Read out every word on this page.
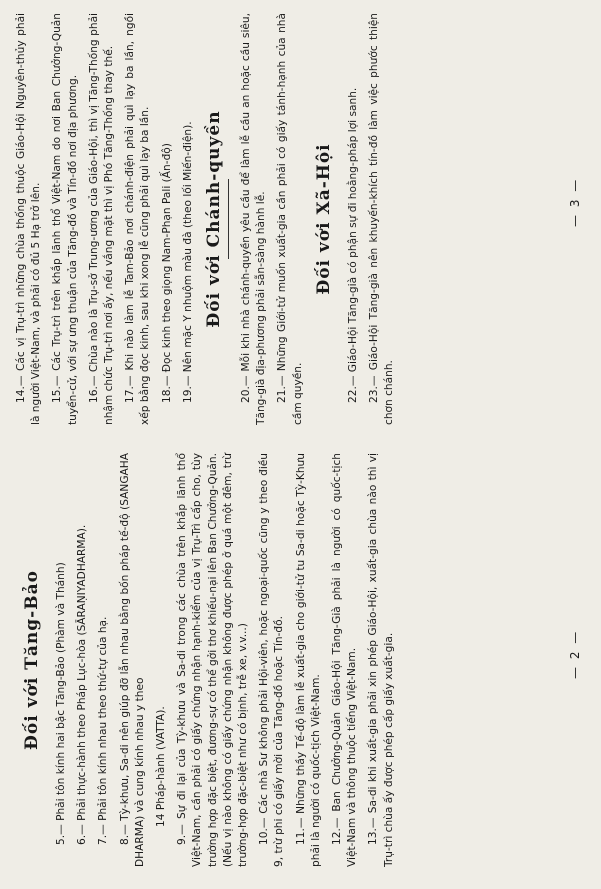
Đối với Tăng-Bảo 5.— Phải tôn kính hai bậc Tăng-Bảo (Phàm và Thánh) 6.— Phải thực-hành theo Pháp Lục-hòa (SĀRAṆIYADHARMA). 7.— Phải tôn kính nhau theo thứ-tự của hạ. 8.— Tỳ-khưu, Sa-di nên giúp đỡ lẫn nhau bằng bốn pháp tế-độ (SANGAHA DHARMA) và cung kính nhau y theo 14 Pháp-hành (VATTA). 9.— Sự đi lại của Tỳ-khưu và Sa-di trong các chùa trên khắp lãnh thổ Việt-Nam, cần phải có giấy chứng nhận hạnh-kiểm của vị Trụ-Trì cấp cho, tùy trường hợp đặc biệt, đương-sự có thể gởi thơ khiếu-nại lên Ban Chưởng-Quản. (Nếu vị nào không có giấy chứng nhận không được phép ở quá một đêm, trừ trường-hợp đặc-biệt như có bịnh, trễ xe, v.v...) 10.— Các nhà Sư không phải Hội-viên, hoặc ngoại-quốc cũng y theo điều 9, trừ phi có giấy mời của Tăng-đồ hoặc Tín-đồ. 11.— Những thầy Tế-độ làm lễ xuất-gia cho giới-tử tu Sa-di hoặc Tỳ-Khưu phải là người có quốc-tịch Việt-Nam. 12.— Ban Chưởng-Quản Giáo-Hội Tăng-Già phải là người có quốc-tịch Việt-Nam và thông thuộc tiếng Việt-Nam. 13.— Sa-di khi xuất-gia phải xin phép Giáo-Hội, xuất-gia chùa nào thì vị Trụ-trì chùa ấy được phép cấp giấy xuất-gia.

14.— Các vị Trụ-trì những chùa thống thuộc Giáo-Hội Nguyên-thủy phải là người Việt-Nam, và phải có đủ 5 Hạ trở lên. 15.— Các Trụ-trì trên khắp lãnh thổ Việt-Nam do nơi Ban Chưởng-Quản tuyển-cử, với sự ưng thuận của Tăng-đồ và Tín-đồ nơi địa phương. 16.— Chùa nào là Trụ-sở Trung-ương của Giáo-Hội, thì vị Tăng-Thống phải nhậm chức Trụ-trì nơi ấy, nếu vắng mặt thì vị Phó Tăng-Thống thay thế. 17.— Khi nào làm lễ Tam-Bảo nơi chánh-điện phải quì lạy ba lần, ngồi xếp bằng đọc kinh, sau khi xong lễ cũng phải quì lạy ba lần. 18.— Đọc kinh theo giọng Nam-Phạn Pali (Ấn-độ) 19.— Nên mặc Y nhuộm màu đà (theo lối Miến-điện). Đối với Chánh-quyền 20.— Mỗi khi nhà chánh-quyền yêu cầu để làm lễ cầu an hoặc cầu siêu, Tăng-già địa-phương phải sẵn-sàng hành lễ. 21.— Những Giới-tử muốn xuất-gia cần phải có giấy tánh-hạnh của nhà cầm quyền.

Đối với Xã-Hội 22.— Giáo-Hội Tăng-già có phận sự đi hoằng-pháp lợi sanh. 23.— Giáo-Hội Tăng-già nên khuyến-khích tín-đồ làm việc phước thiện chơn chánh.

— 2 —
— 3 —
